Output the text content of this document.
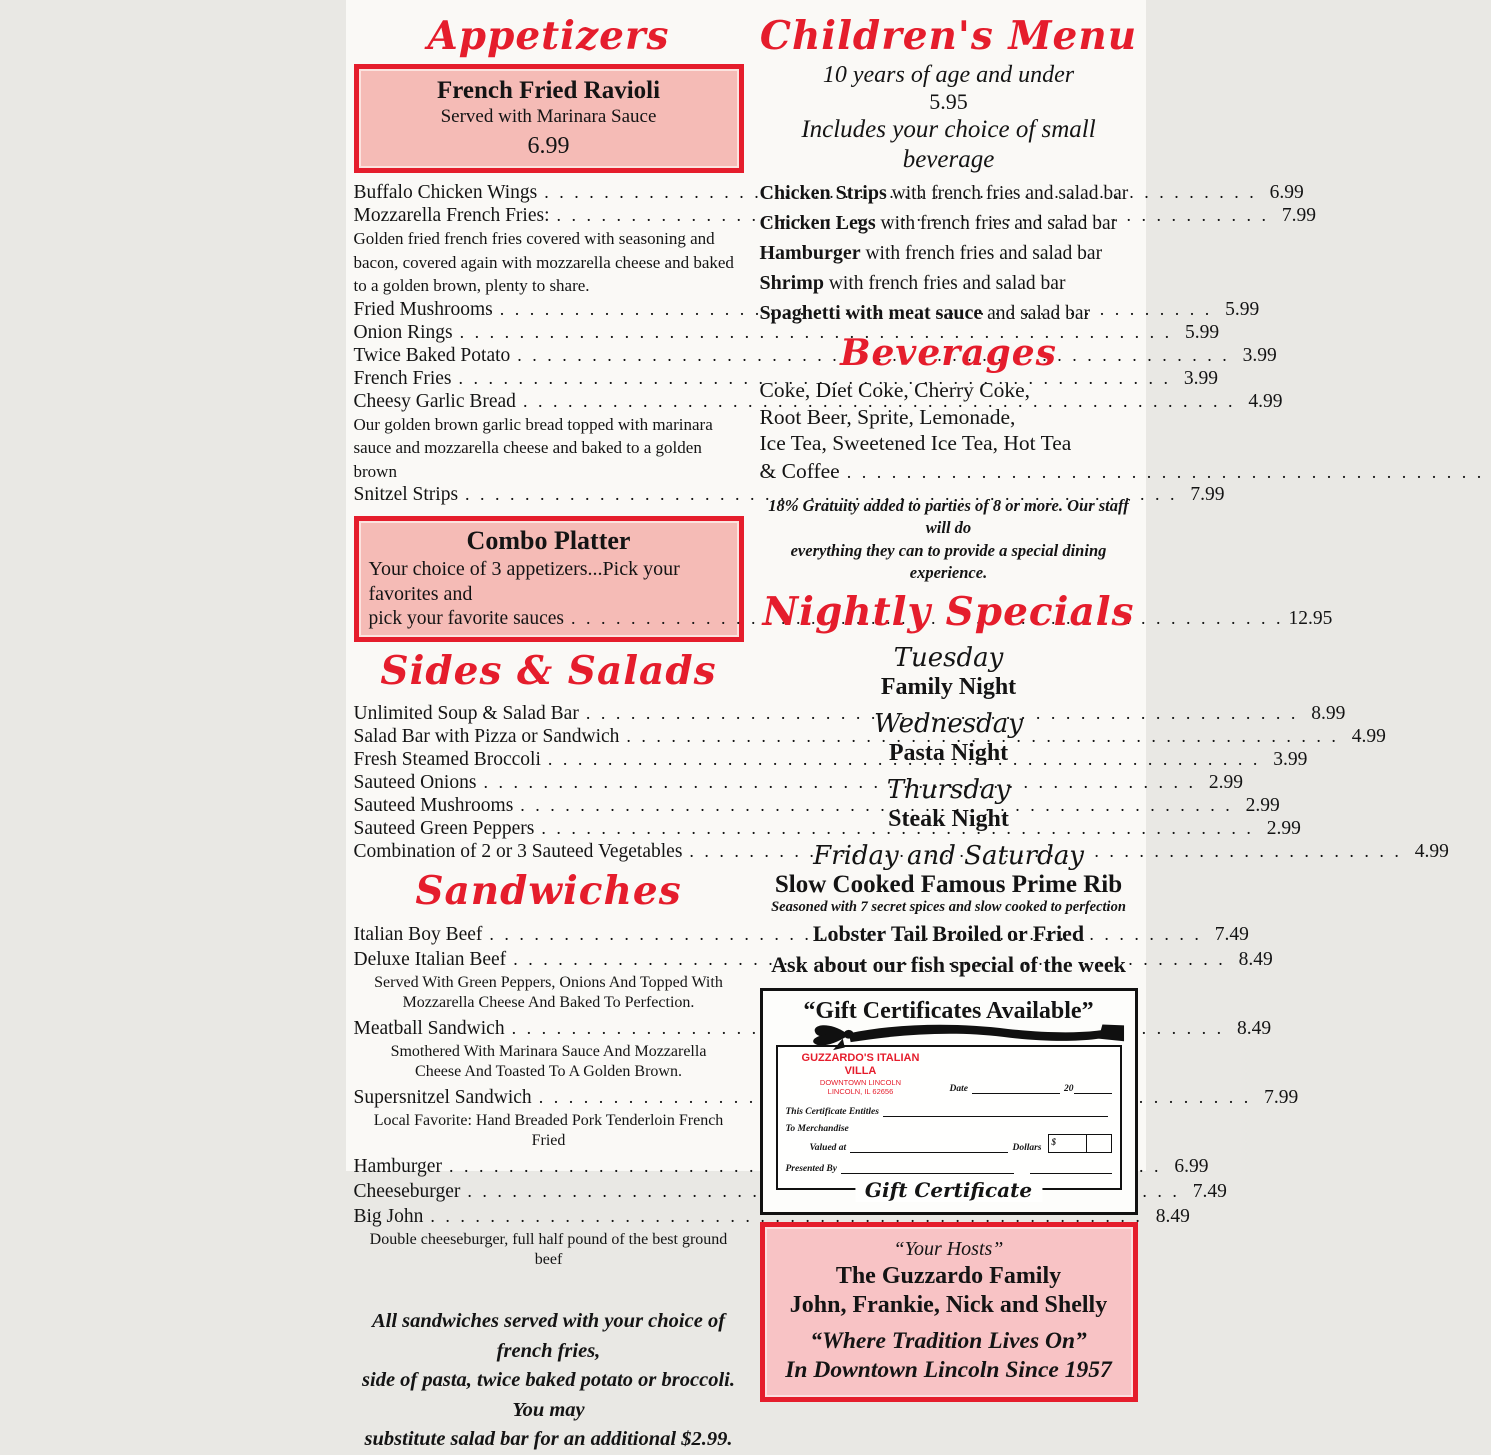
Appetizers
French Fried Ravioli
Served with Marinara Sauce
6.99
Buffalo Chicken Wings . . .	6.99
Mozzarella French Fries: . . .	7.99
Golden fried french fries covered with seasoning and bacon, covered again with mozzarella cheese and baked to a golden brown, plenty to share.
Fried Mushrooms . . .	5.99
Onion Rings . . .	5.99
Twice Baked Potato . . .	3.99
French Fries . . .	3.99
Cheesy Garlic Bread . . .	4.99
Our golden brown garlic bread topped with marinara sauce and mozzarella cheese and baked to a golden brown
Snitzel Strips . . .	7.99
Combo Platter
Your choice of 3 appetizers...Pick your favorites and
pick your favorite sauces . . .	12.95
Sides & Salads
Unlimited Soup & Salad Bar . . .	8.99
Salad Bar with Pizza or Sandwich . . .	4.99
Fresh Steamed Broccoli . . .	3.99
Sauteed Onions . . .	2.99
Sauteed Mushrooms . . .	2.99
Sauteed Green Peppers . . .	2.99
Combination of 2 or 3 Sauteed Vegetables . . .	4.99
Sandwiches
Italian Boy Beef . . .	7.49
Deluxe Italian Beef . . .	8.49
Served With Green Peppers, Onions And Topped With Mozzarella Cheese And Baked To Perfection.
Meatball Sandwich . . .	8.49
Smothered With Marinara Sauce And Mozzarella Cheese And Toasted To A Golden Brown.
Supersnitzel Sandwich . . .	7.99
Local Favorite: Hand Breaded Pork Tenderloin French Fried
Hamburger . . .	6.99
Cheeseburger . . .	7.49
Big John . . .	8.49
Double cheeseburger, full half pound of the best ground beef
All sandwiches served with your choice of french fries,
side of pasta, twice baked potato or broccoli. You may
substitute salad bar for an additional $2.99.
Children's Menu
10 years of age and under
5.95
Includes your choice of small beverage
Chicken Strips with french fries and salad bar
Chicken Legs with french fries and salad bar
Hamburger with french fries and salad bar
Shrimp with french fries and salad bar
Spaghetti with meat sauce and salad bar
Beverages
Coke, Diet Coke, Cherry Coke,
Root Beer, Sprite, Lemonade,
Ice Tea, Sweetened Ice Tea, Hot Tea
& Coffee
. . .
18% Gratuity added to parties of 8 or more. Our staff will do
everything they can to provide a special dining experience.
Nightly Specials
Tuesday
Family Night
Wednesday
Pasta Night
Thursday
Steak Night
Friday and Saturday
Slow Cooked Famous Prime Rib
Seasoned with 7 secret spices and slow cooked to perfection
Lobster Tail Broiled or Fried
Ask about our fish special of the week
“Gift Certificates Available”
GUZZARDO'S ITALIAN VILLA
DOWNTOWN LINCOLN
LINCOLN, IL 62656	Date	20
This Certificate Entitles
To Merchandise
Valued at	Dollars
$
Presented By
Gift Certificate
“Your Hosts”
The Guzzardo Family
John, Frankie, Nick and Shelly
“Where Tradition Lives On”
In Downtown Lincoln Since 1957
